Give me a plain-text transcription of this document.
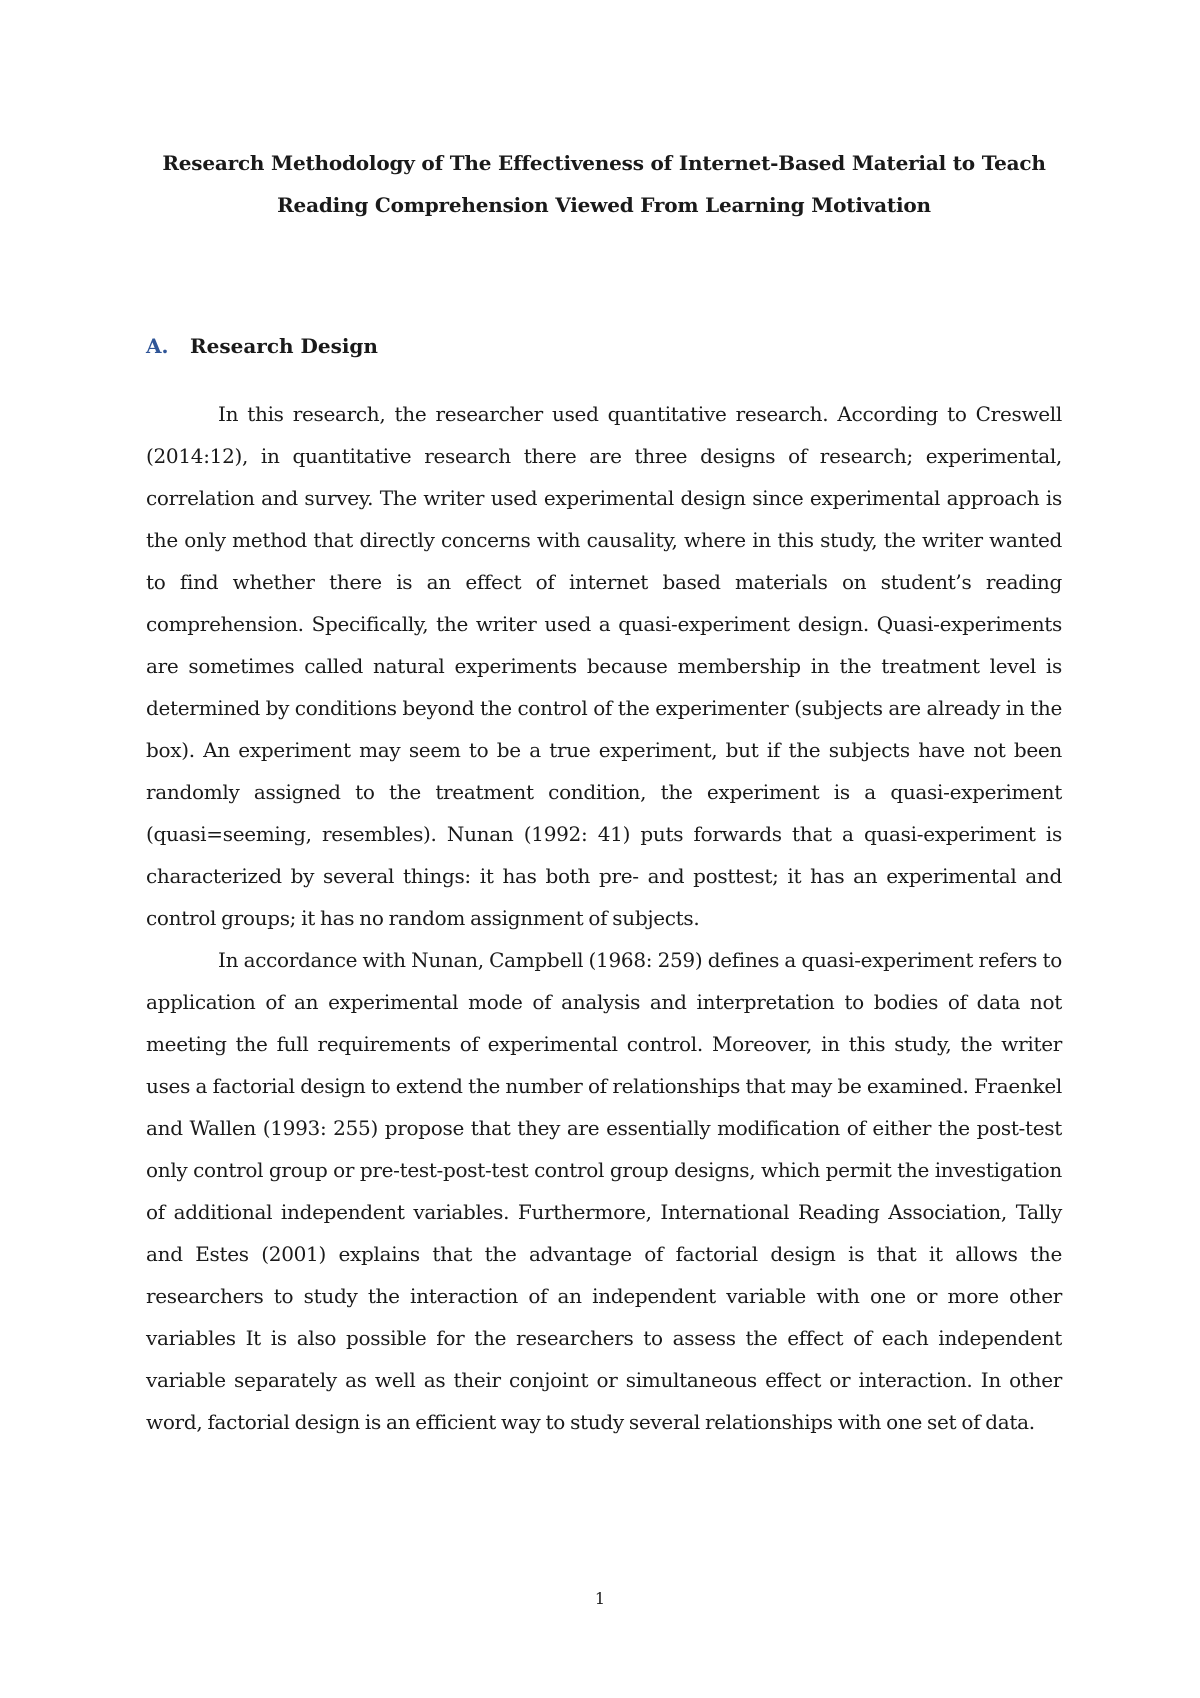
Research Methodology of The Effectiveness of Internet-Based Material to Teach
Reading Comprehension Viewed From Learning Motivation
A. Research Design

In this research, the researcher used quantitative research. According to Creswell (2014:12), in quantitative research there are three designs of research; experimental, correlation and survey. The writer used experimental design since experimental approach is the only method that directly concerns with causality, where in this study, the writer wanted to find whether there is an effect of internet based materials on student’s reading comprehension. Specifically, the writer used a quasi-experiment design. Quasi-experiments are sometimes called natural experiments because membership in the treatment level is determined by conditions beyond the control of the experimenter (subjects are already in the box). An experiment may seem to be a true experiment, but if the subjects have not been randomly assigned to the treatment condition, the experiment is a quasi-experiment (quasi=seeming, resembles). Nunan (1992: 41) puts forwards that a quasi-experiment is characterized by several things: it has both pre- and posttest; it has an experimental and control groups; it has no random assignment of subjects.

In accordance with Nunan, Campbell (1968: 259) defines a quasi-experiment refers to application of an experimental mode of analysis and interpretation to bodies of data not meeting the full requirements of experimental control. Moreover, in this study, the writer uses a factorial design to extend the number of relationships that may be examined. Fraenkel and Wallen (1993: 255) propose that they are essentially modification of either the post-test only control group or pre-test-post-test control group designs, which permit the investigation of additional independent variables. Furthermore, International Reading Association, Tally and Estes (2001) explains that the advantage of factorial design is that it allows the researchers to study the interaction of an independent variable with one or more other variables It is also possible for the researchers to assess the effect of each independent variable separately as well as their conjoint or simultaneous effect or interaction. In other word, factorial design is an efficient way to study several relationships with one set of data.

1
